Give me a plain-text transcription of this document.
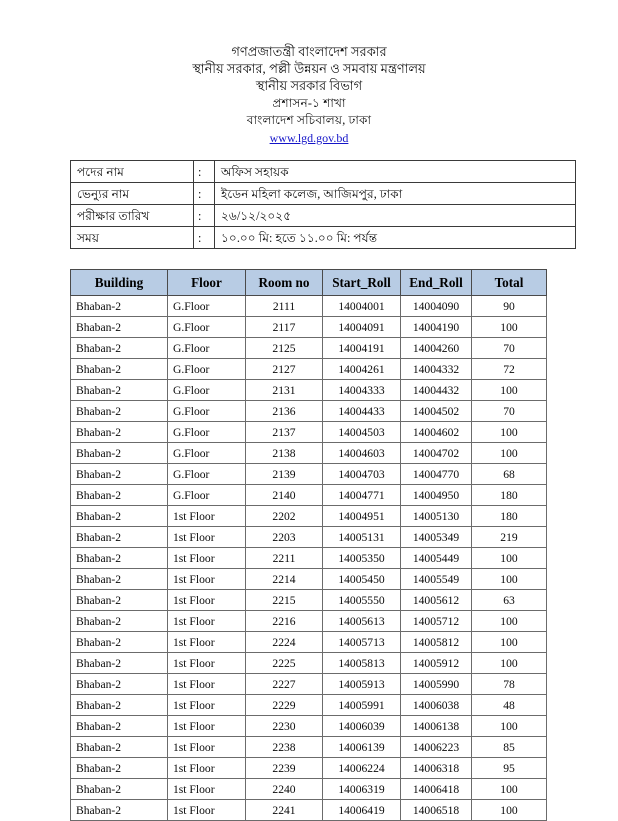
গণপ্রজাতন্ত্রী বাংলাদেশ সরকার
স্থানীয় সরকার, পল্লী উন্নয়ন ও সমবায় মন্ত্রণালয়
স্থানীয় সরকার বিভাগ
প্রশাসন-১ শাখা
বাংলাদেশ সচিবালয়, ঢাকা
www.lgd.gov.bd
পদের নাম	:	অফিস সহায়ক
ভেন্যুর নাম	:	ইডেন মহিলা কলেজ, আজিমপুর, ঢাকা
পরীক্ষার তারিখ	:	২৬/১২/২০২৫
সময়	:	১০.০০ মি: হতে ১১.০০ মি: পর্যন্ত
Building	Floor	Room no	Start_Roll	End_Roll	Total
Bhaban-2	G.Floor	2111	14004001	14004090	90
Bhaban-2	G.Floor	2117	14004091	14004190	100
Bhaban-2	G.Floor	2125	14004191	14004260	70
Bhaban-2	G.Floor	2127	14004261	14004332	72
Bhaban-2	G.Floor	2131	14004333	14004432	100
Bhaban-2	G.Floor	2136	14004433	14004502	70
Bhaban-2	G.Floor	2137	14004503	14004602	100
Bhaban-2	G.Floor	2138	14004603	14004702	100
Bhaban-2	G.Floor	2139	14004703	14004770	68
Bhaban-2	G.Floor	2140	14004771	14004950	180
Bhaban-2	1st Floor	2202	14004951	14005130	180
Bhaban-2	1st Floor	2203	14005131	14005349	219
Bhaban-2	1st Floor	2211	14005350	14005449	100
Bhaban-2	1st Floor	2214	14005450	14005549	100
Bhaban-2	1st Floor	2215	14005550	14005612	63
Bhaban-2	1st Floor	2216	14005613	14005712	100
Bhaban-2	1st Floor	2224	14005713	14005812	100
Bhaban-2	1st Floor	2225	14005813	14005912	100
Bhaban-2	1st Floor	2227	14005913	14005990	78
Bhaban-2	1st Floor	2229	14005991	14006038	48
Bhaban-2	1st Floor	2230	14006039	14006138	100
Bhaban-2	1st Floor	2238	14006139	14006223	85
Bhaban-2	1st Floor	2239	14006224	14006318	95
Bhaban-2	1st Floor	2240	14006319	14006418	100
Bhaban-2	1st Floor	2241	14006419	14006518	100
